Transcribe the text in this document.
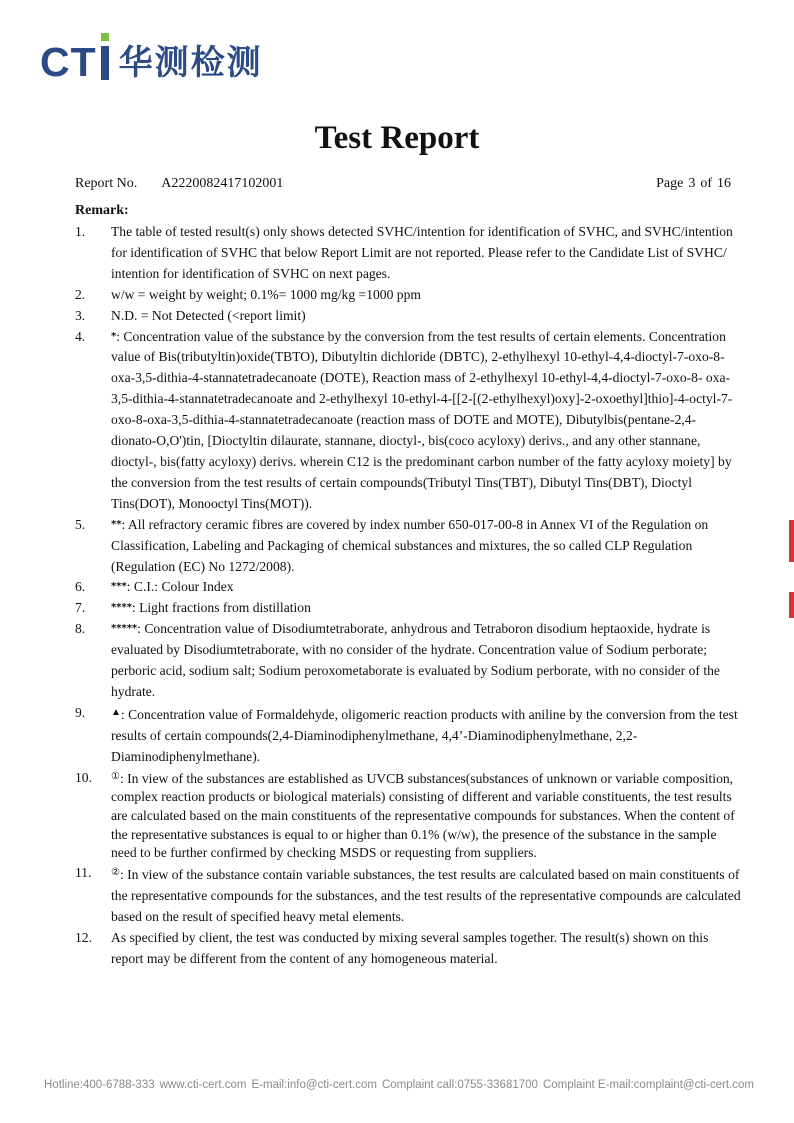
CT 华测检测
Test Report
Report No. A2220082417102001	Page 3 of 16
Remark:
1.	The table of tested result(s) only shows detected SVHC/intention for identification of SVHC, and SVHC/intention for identification of SVHC that below Report Limit are not reported. Please refer to the Candidate List of SVHC/ intention for identification of SVHC on next pages.
2.	w/w = weight by weight; 0.1%= 1000 mg/kg =1000 ppm
3.	N.D. = Not Detected (<report limit)
4.	*: Concentration value of the substance by the conversion from the test results of certain elements. Concentration value of Bis(tributyltin)oxide(TBTO), Dibutyltin dichloride (DBTC), 2-ethylhexyl 10-ethyl-4,4-dioctyl-7-oxo-8-oxa-3,5-dithia-4-stannatetradecanoate (DOTE), Reaction mass of 2-ethylhexyl 10-ethyl-4,4-dioctyl-7-oxo-8- oxa-3,5-dithia-4-stannatetradecanoate and 2-ethylhexyl 10-ethyl-4-[[2-[(2-ethylhexyl)oxy]-2-oxoethyl]thio]-4-octyl-7-oxo-8-oxa-3,5-dithia-4-stannatetradecanoate (reaction mass of DOTE and MOTE), Dibutylbis(pentane-2,4-dionato-O,O')tin, [Dioctyltin dilaurate, stannane, dioctyl-, bis(coco acyloxy) derivs., and any other stannane, dioctyl-, bis(fatty acyloxy) derivs. wherein C12 is the predominant carbon number of the fatty acyloxy moiety] by the conversion from the test results of certain compounds(Tributyl Tins(TBT), Dibutyl Tins(DBT), Dioctyl Tins(DOT), Monooctyl Tins(MOT)).
5.	**: All refractory ceramic fibres are covered by index number 650-017-00-8 in Annex VI of the Regulation on Classification, Labeling and Packaging of chemical substances and mixtures, the so called CLP Regulation (Regulation (EC) No 1272/2008).
6.	***: C.I.: Colour Index
7.	****: Light fractions from distillation
8.	*****: Concentration value of Disodiumtetraborate, anhydrous and Tetraboron disodium heptaoxide, hydrate is evaluated by Disodiumtetraborate, with no consider of the hydrate. Concentration value of Sodium perborate; perboric acid, sodium salt; Sodium peroxometaborate is evaluated by Sodium perborate, with no consider of the hydrate.
9.	▲: Concentration value of Formaldehyde, oligomeric reaction products with aniline by the conversion from the test results of certain compounds(2,4-Diaminodiphenylmethane, 4,4’-Diaminodiphenylmethane, 2,2-Diaminodiphenylmethane).
10.	①: In view of the substances are established as UVCB substances(substances of unknown or variable composition, complex reaction products or biological materials) consisting of different and variable constituents, the test results are calculated based on the main constituents of the representative compounds for substances. When the content of the representative substances is equal to or higher than 0.1% (w/w), the presence of the substance in the sample need to be further confirmed by checking MSDS or requesting from suppliers.
11.	②: In view of the substance contain variable substances, the test results are calculated based on main constituents of the representative compounds for the substances, and the test results of the representative compounds are calculated based on the result of specified heavy metal elements.
12.	As specified by client, the test was conducted by mixing several samples together. The result(s) shown on this report may be different from the content of any homogeneous material.
Hotline:400-6788-333 www.cti-cert.com E-mail:info@cti-cert.com Complaint call:0755-33681700 Complaint E-mail:complaint@cti-cert.com
